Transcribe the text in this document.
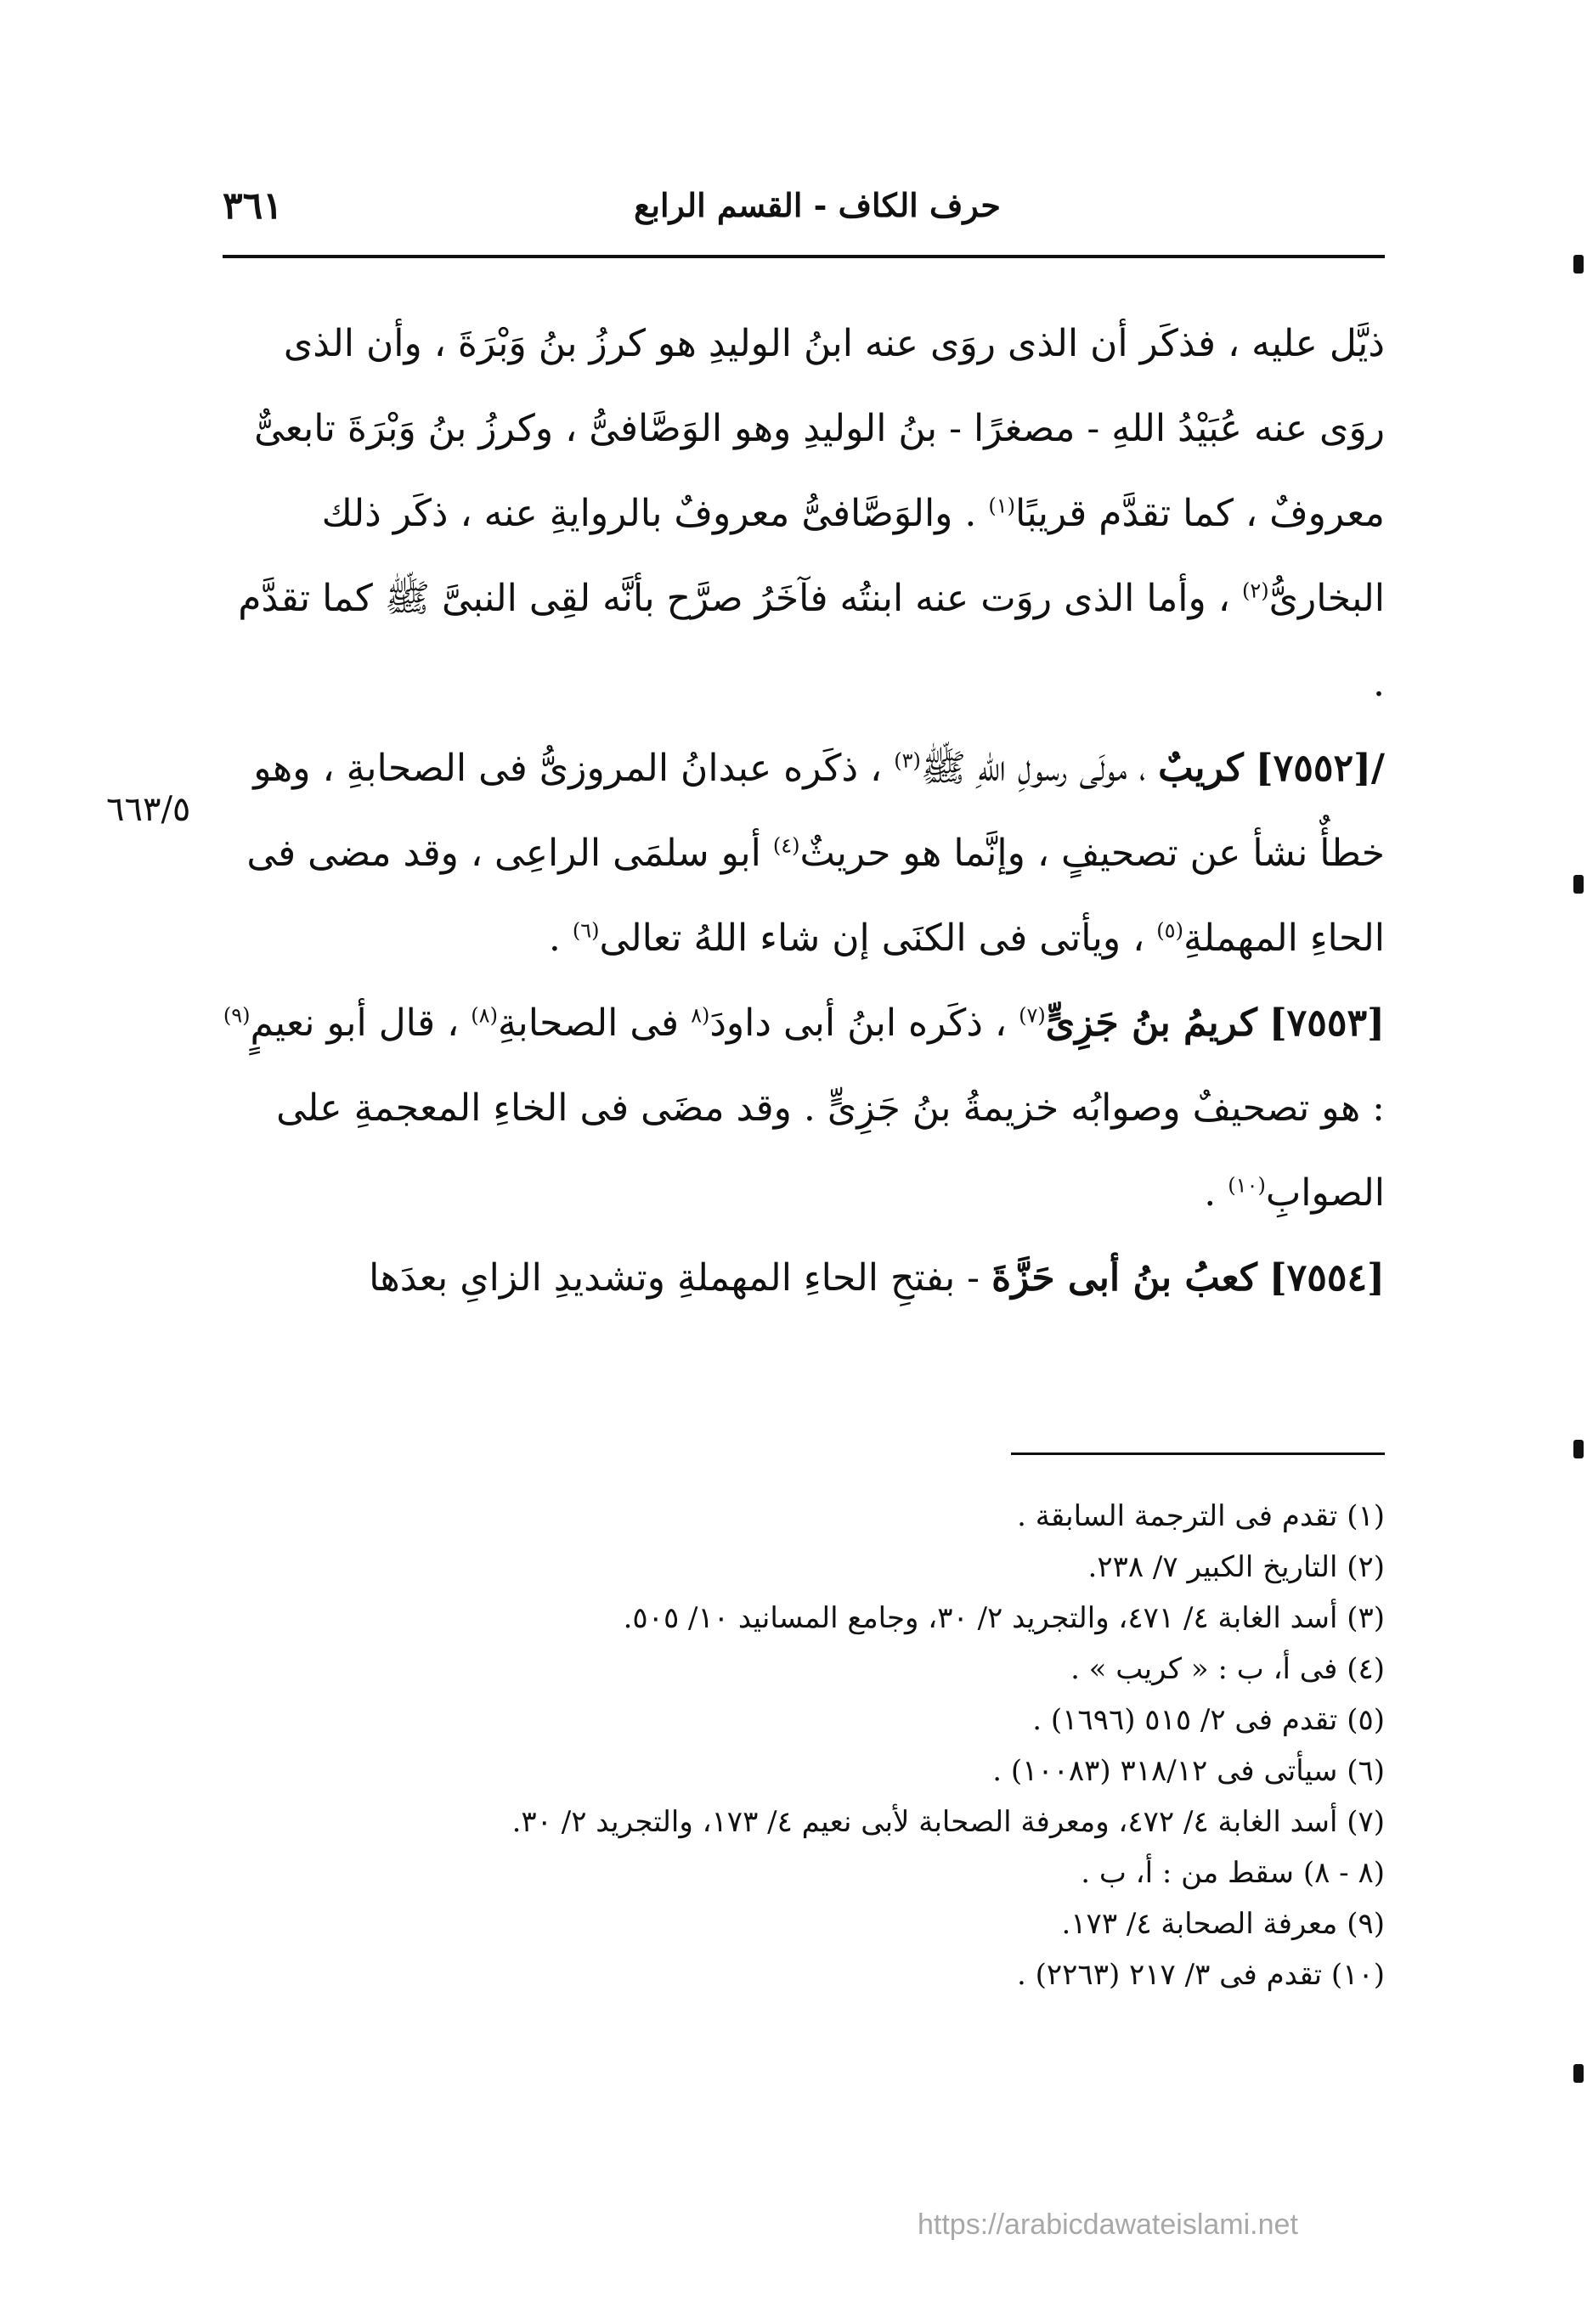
٣٦١	حرف الكاف - القسم الرابع

ذيَّل عليه ، فذكَر أن الذى روَى عنه ابنُ الوليدِ هو كرزُ بنُ وَبْرَةَ ، وأن الذى روَى عنه عُبَيْدُ اللهِ - مصغرًا - بنُ الوليدِ وهو الوَصَّافىُّ ، وكرزُ بنُ وَبْرَةَ تابعىٌّ معروفٌ ، كما تقدَّم قريبًا$^{(١)}$ . والوَصَّافىُّ معروفٌ بالروايةِ عنه ، ذكَر ذلك البخارىُّ$^{(٢)}$ ، وأما الذى روَت عنه ابنتُه فآخَرُ صرَّح بأنَّه لقِى النبىَّ ﷺ كما تقدَّم .

/[٧٥٥٢] كريبٌ ، مولَى رسولِ اللهِ ﷺ$^{(٣)}$ ، ذكَره عبدانُ المروزىُّ فى الصحابةِ ، وهو خطأٌ نشأ عن تصحيفٍ ، وإنَّما هو حريثٌ$^{(٤)}$ أبو سلمَى الراعِى ، وقد مضى فى الحاءِ المهملةِ$^{(٥)}$ ، ويأتى فى الكنَى إن شاء اللهُ تعالى$^{(٦)}$ .

[٧٥٥٣] كريمُ بنُ جَزِىٍّ$^{(٧)}$ ، ذكَره ابنُ أبى داودَ$^{(٨}$ فى الصحابةِ$^{(٨)}$ ، قال أبو نعيمٍ$^{(٩)}$ : هو تصحيفٌ وصوابُه خزيمةُ بنُ جَزِىٍّ . وقد مضَى فى الخاءِ المعجمةِ على الصوابِ$^{(١٠)}$ .

[٧٥٥٤] كعبُ بنُ أبى حَزَّةَ - بفتحِ الحاءِ المهملةِ وتشديدِ الزاىِ بعدَها

٦٦٣/٥
(١) تقدم فى الترجمة السابقة .
(٢) التاريخ الكبير ٧/ ٢٣٨.
(٣) أسد الغابة ٤/ ٤٧١، والتجريد ٢/ ٣٠، وجامع المسانيد ١٠/ ٥٠٥.
(٤) فى أ، ب : « كريب » .
(٥) تقدم فى ٢/ ٥١٥ (١٦٩٦) .
(٦) سيأتى فى ٣١٨/١٢ (١٠٠٨٣) .
(٧) أسد الغابة ٤/ ٤٧٢، ومعرفة الصحابة لأبى نعيم ٤/ ١٧٣، والتجريد ٢/ ٣٠.
(٨ - ٨) سقط من : أ، ب .
(٩) معرفة الصحابة ٤/ ١٧٣.
(١٠) تقدم فى ٣/ ٢١٧ (٢٢٦٣) .
https://arabicdawateislami.net
